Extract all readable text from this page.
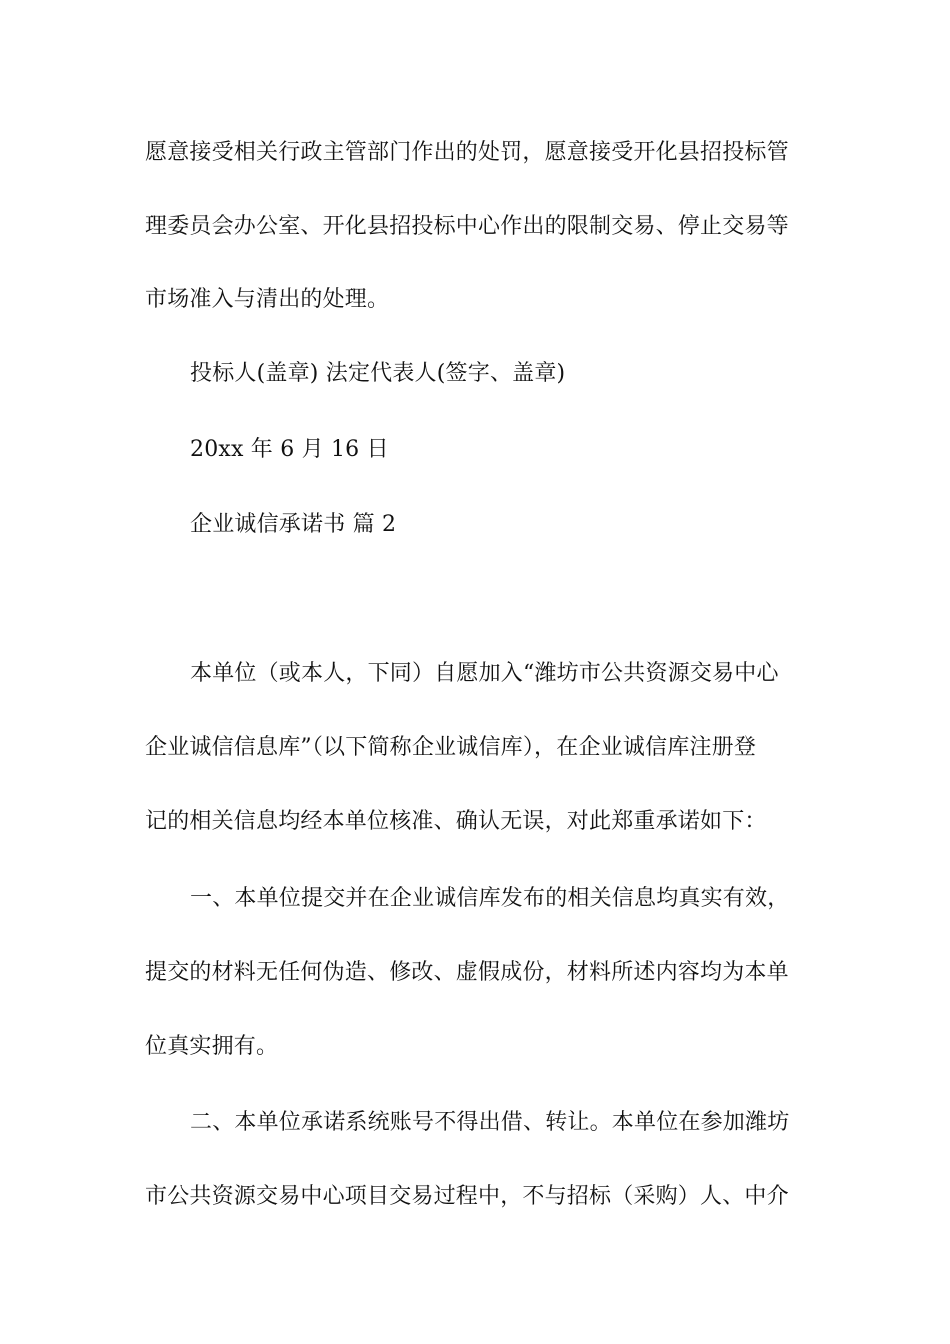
愿意接受相关行政主管部门作出的处罚，愿意接受开化县招投标管
理委员会办公室、开化县招投标中心作出的限制交易、停止交易等
市场准入与清出的处理。
投标人(盖章) 法定代表人(签字、盖章)
20xx 年 6 月 16 日
企业诚信承诺书 篇 2
本单位（或本人，下同）自愿加入“潍坊市公共资源交易中心
企业诚信信息库”（以下简称企业诚信库），在企业诚信库注册登
记的相关信息均经本单位核准、确认无误，对此郑重承诺如下：
一、本单位提交并在企业诚信库发布的相关信息均真实有效，
提交的材料无任何伪造、修改、虚假成份，材料所述内容均为本单
位真实拥有。
二、本单位承诺系统账号不得出借、转让。本单位在参加潍坊
市公共资源交易中心项目交易过程中，不与招标（采购）人、中介
